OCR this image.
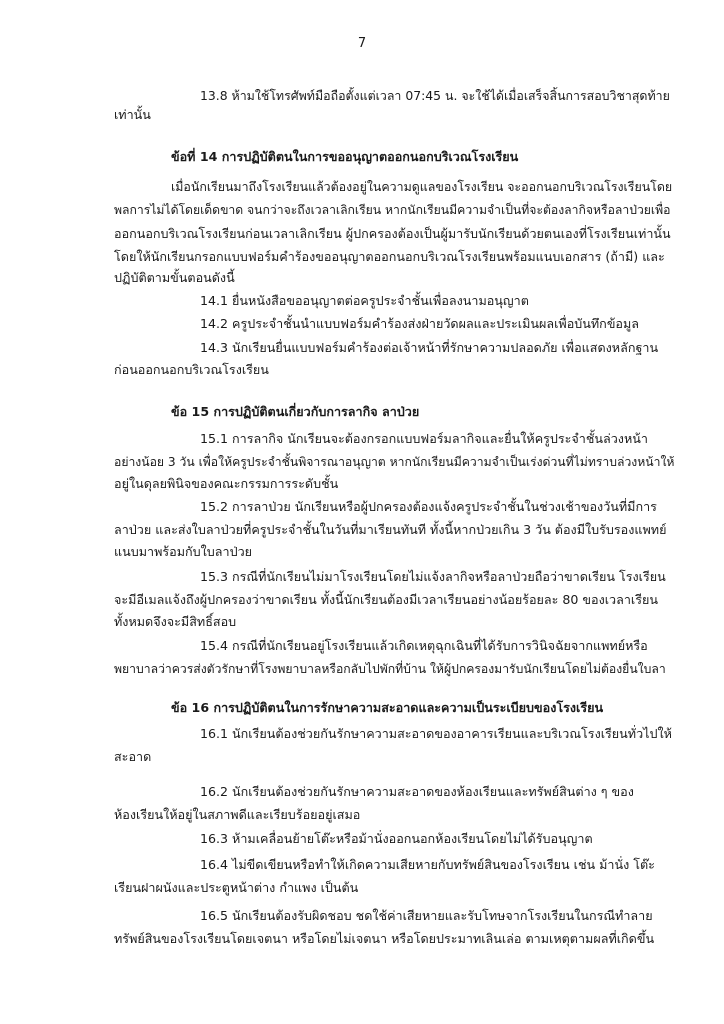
7
13.8 ห้ามใช้โทรศัพท์มือถือตั้งแต่เวลา 07:45 น. จะใช้ได้เมื่อเสร็จสิ้นการสอบวิชาสุดท้าย
เท่านั้น
ข้อที่ 14 การปฏิบัติตนในการขออนุญาตออกนอกบริเวณโรงเรียน
เมื่อนักเรียนมาถึงโรงเรียนแล้วต้องอยู่ในความดูแลของโรงเรียน จะออกนอกบริเวณโรงเรียนโดย
พลการไม่ได้โดยเด็ดขาด จนกว่าจะถึงเวลาเลิกเรียน หากนักเรียนมีความจำเป็นที่จะต้องลากิจหรือลาป่วยเพื่อ
ออกนอกบริเวณโรงเรียนก่อนเวลาเลิกเรียน ผู้ปกครองต้องเป็นผู้มารับนักเรียนด้วยตนเองที่โรงเรียนเท่านั้น
โดยให้นักเรียนกรอกแบบฟอร์มคำร้องขออนุญาตออกนอกบริเวณโรงเรียนพร้อมแนบเอกสาร (ถ้ามี) และ
ปฏิบัติตามขั้นตอนดังนี้
14.1 ยื่นหนังสือขออนุญาตต่อครูประจำชั้นเพื่อลงนามอนุญาต
14.2 ครูประจำชั้นนำแบบฟอร์มคำร้องส่งฝ่ายวัดผลและประเมินผลเพื่อบันทึกข้อมูล
14.3 นักเรียนยื่นแบบฟอร์มคำร้องต่อเจ้าหน้าที่รักษาความปลอดภัย เพื่อแสดงหลักฐาน
ก่อนออกนอกบริเวณโรงเรียน
ข้อ 15 การปฏิบัติตนเกี่ยวกับการลากิจ ลาป่วย
15.1 การลากิจ นักเรียนจะต้องกรอกแบบฟอร์มลากิจและยื่นให้ครูประจำชั้นล่วงหน้า
อย่างน้อย 3 วัน เพื่อให้ครูประจำชั้นพิจารณาอนุญาต หากนักเรียนมีความจำเป็นเร่งด่วนที่ไม่ทราบล่วงหน้าให้
อยู่ในดุลยพินิจของคณะกรรมการระดับชั้น
15.2 การลาป่วย นักเรียนหรือผู้ปกครองต้องแจ้งครูประจำชั้นในช่วงเช้าของวันที่มีการ
ลาป่วย และส่งใบลาป่วยที่ครูประจำชั้นในวันที่มาเรียนทันที ทั้งนี้หากป่วยเกิน 3 วัน ต้องมีใบรับรองแพทย์
แนบมาพร้อมกับใบลาป่วย
15.3 กรณีที่นักเรียนไม่มาโรงเรียนโดยไม่แจ้งลากิจหรือลาป่วยถือว่าขาดเรียน โรงเรียน
จะมีอีเมลแจ้งถึงผู้ปกครองว่าขาดเรียน ทั้งนี้นักเรียนต้องมีเวลาเรียนอย่างน้อยร้อยละ 80 ของเวลาเรียน
ทั้งหมดจึงจะมีสิทธิ์สอบ
15.4 กรณีที่นักเรียนอยู่โรงเรียนแล้วเกิดเหตุฉุกเฉินที่ได้รับการวินิจฉัยจากแพทย์หรือ
พยาบาลว่าควรส่งตัวรักษาที่โรงพยาบาลหรือกลับไปพักที่บ้าน ให้ผู้ปกครองมารับนักเรียนโดยไม่ต้องยื่นใบลา
ข้อ 16 การปฏิบัติตนในการรักษาความสะอาดและความเป็นระเบียบของโรงเรียน
16.1 นักเรียนต้องช่วยกันรักษาความสะอาดของอาคารเรียนและบริเวณโรงเรียนทั่วไปให้
สะอาด
16.2 นักเรียนต้องช่วยกันรักษาความสะอาดของห้องเรียนและทรัพย์สินต่าง ๆ ของ
ห้องเรียนให้อยู่ในสภาพดีและเรียบร้อยอยู่เสมอ
16.3 ห้ามเคลื่อนย้ายโต๊ะหรือม้านั่งออกนอกห้องเรียนโดยไม่ได้รับอนุญาต
16.4 ไม่ขีดเขียนหรือทำให้เกิดความเสียหายกับทรัพย์สินของโรงเรียน เช่น ม้านั่ง โต๊ะ
เรียนฝาผนังและประตูหน้าต่าง กำแพง เป็นต้น
16.5 นักเรียนต้องรับผิดชอบ ชดใช้ค่าเสียหายและรับโทษจากโรงเรียนในกรณีทำลาย
ทรัพย์สินของโรงเรียนโดยเจตนา หรือโดยไม่เจตนา หรือโดยประมาทเลินเล่อ ตามเหตุตามผลที่เกิดขึ้น
